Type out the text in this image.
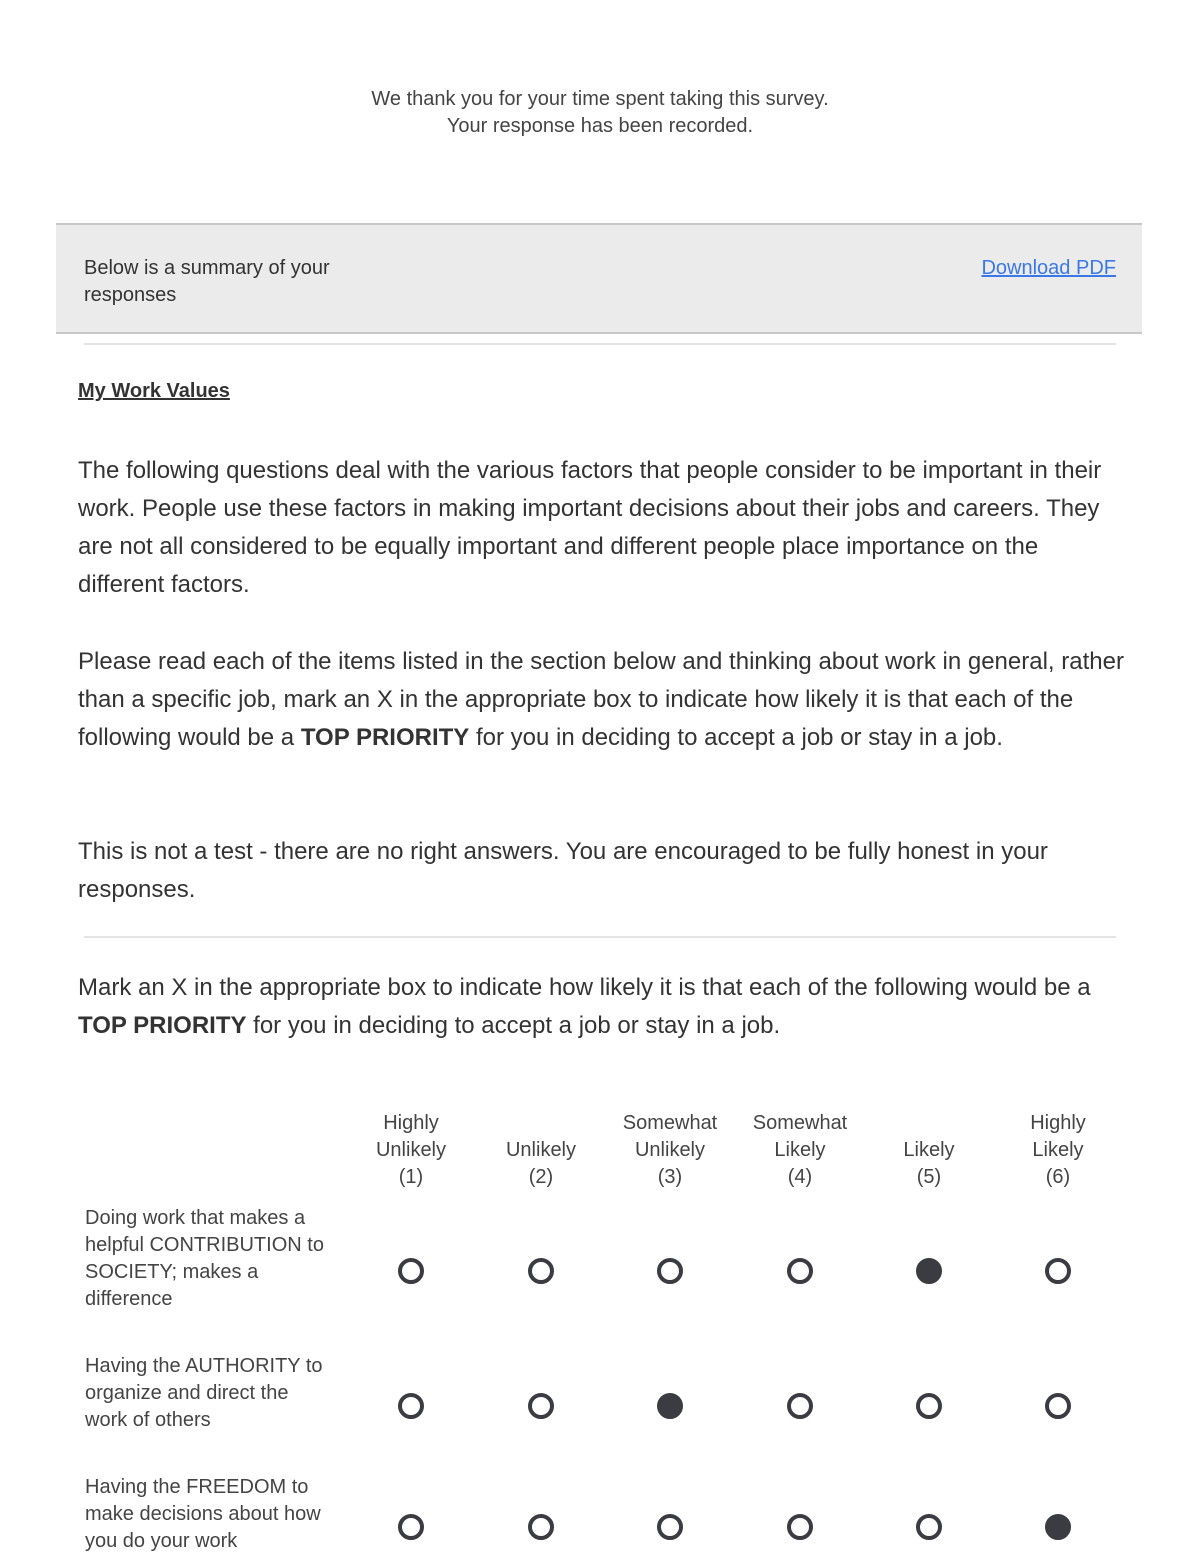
We thank you for your time spent taking this survey.
Your response has been recorded.
Below is a summary of your responses
Download PDF
My Work Values
The following questions deal with the various factors that people consider to be important in their work. People use these factors in making important decisions about their jobs and careers. They are not all considered to be equally important and different people place importance on the different factors.
Please read each of the items listed in the section below and thinking about work in general, rather than a specific job, mark an X in the appropriate box to indicate how likely it is that each of the following would be a TOP PRIORITY for you in deciding to accept a job or stay in a job.
This is not a test - there are no right answers. You are encouraged to be fully honest in your responses.
Mark an X in the appropriate box to indicate how likely it is that each of the following would be a TOP PRIORITY for you in deciding to accept a job or stay in a job.
Highly
Unlikely
(1)
Unlikely
(2)
Somewhat
Unlikely
(3)
Somewhat
Likely
(4)
Likely
(5)
Highly
Likely
(6)
Doing work that makes a helpful CONTRIBUTION to SOCIETY; makes a difference
Having the AUTHORITY to organize and direct the work of others
Having the FREEDOM to make decisions about how you do your work
